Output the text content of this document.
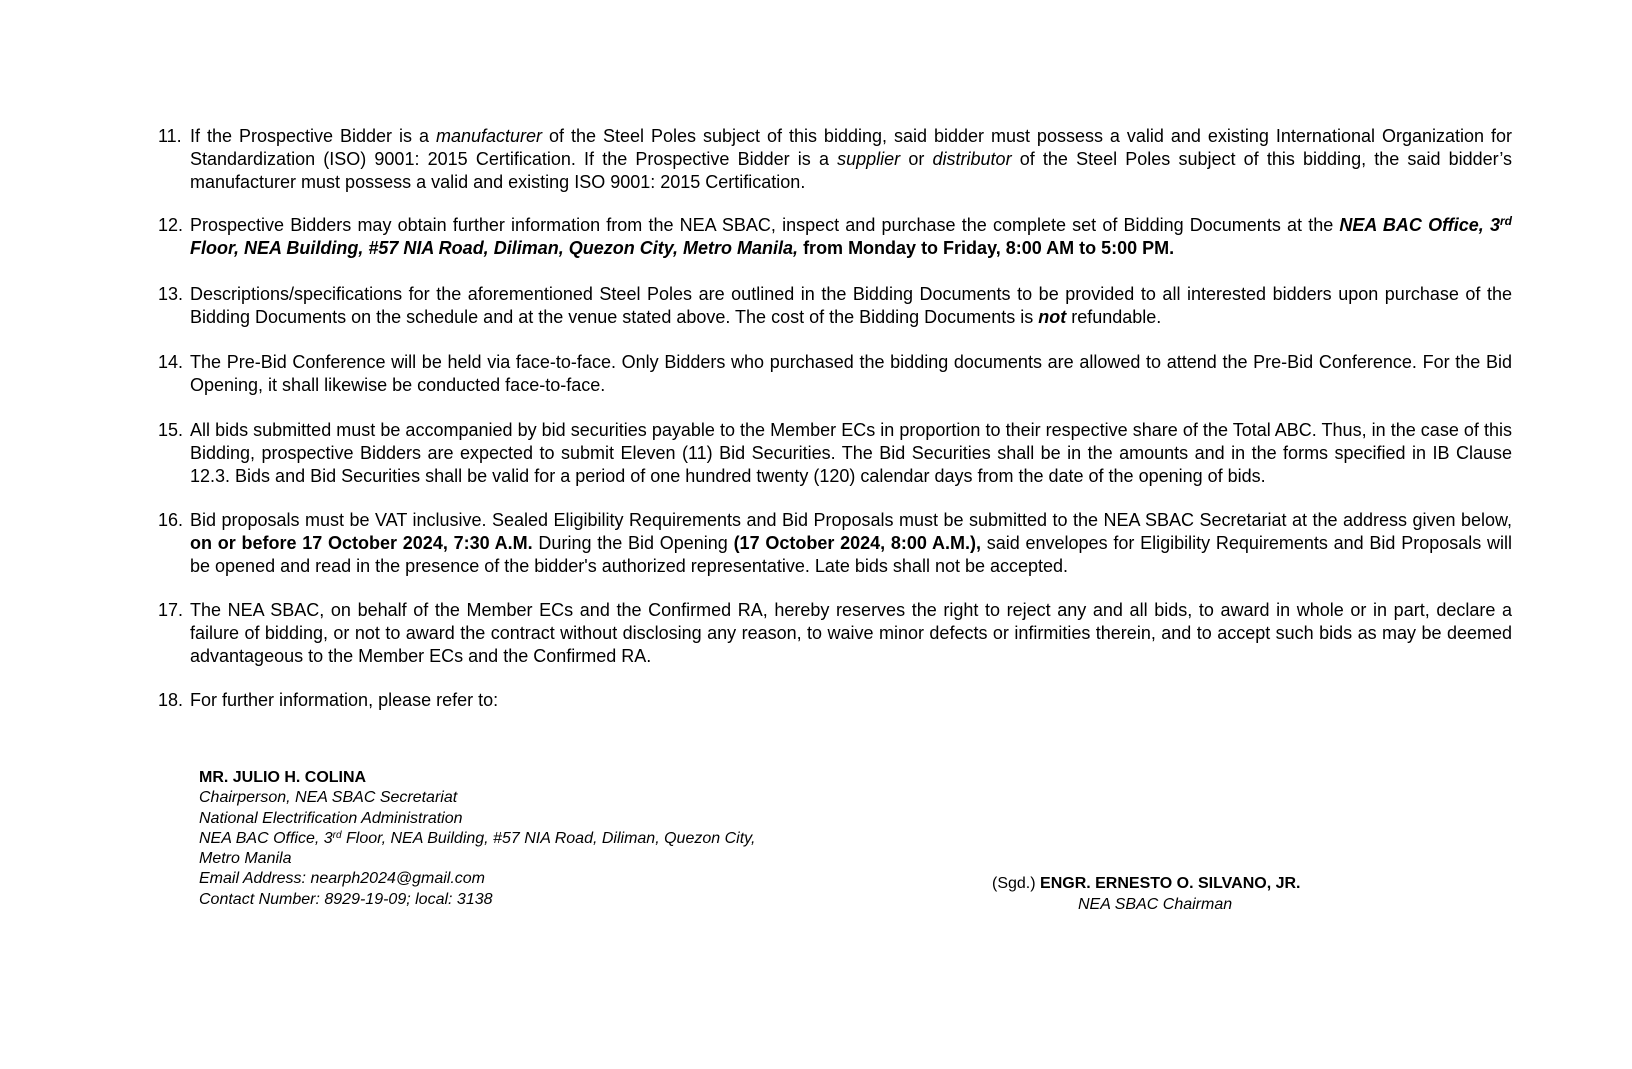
11. If the Prospective Bidder is a manufacturer of the Steel Poles subject of this bidding, said bidder must possess a valid and existing International Organization for Standardization (ISO) 9001: 2015 Certification. If the Prospective Bidder is a supplier or distributor of the Steel Poles subject of this bidding, the said bidder’s manufacturer must possess a valid and existing ISO 9001: 2015 Certification.
12. Prospective Bidders may obtain further information from the NEA SBAC, inspect and purchase the complete set of Bidding Documents at the NEA BAC Office, 3rd Floor, NEA Building, #57 NIA Road, Diliman, Quezon City, Metro Manila, from Monday to Friday, 8:00 AM to 5:00 PM.
13. Descriptions/specifications for the aforementioned Steel Poles are outlined in the Bidding Documents to be provided to all interested bidders upon purchase of the Bidding Documents on the schedule and at the venue stated above. The cost of the Bidding Documents is not refundable.
14. The Pre-Bid Conference will be held via face-to-face. Only Bidders who purchased the bidding documents are allowed to attend the Pre-Bid Conference. For the Bid Opening, it shall likewise be conducted face-to-face.
15. All bids submitted must be accompanied by bid securities payable to the Member ECs in proportion to their respective share of the Total ABC. Thus, in the case of this Bidding, prospective Bidders are expected to submit Eleven (11) Bid Securities. The Bid Securities shall be in the amounts and in the forms specified in IB Clause 12.3. Bids and Bid Securities shall be valid for a period of one hundred twenty (120) calendar days from the date of the opening of bids.
16. Bid proposals must be VAT inclusive. Sealed Eligibility Requirements and Bid Proposals must be submitted to the NEA SBAC Secretariat at the address given below, on or before 17 October 2024, 7:30 A.M. During the Bid Opening (17 October 2024, 8:00 A.M.), said envelopes for Eligibility Requirements and Bid Proposals will be opened and read in the presence of the bidder's authorized representative. Late bids shall not be accepted.
17. The NEA SBAC, on behalf of the Member ECs and the Confirmed RA, hereby reserves the right to reject any and all bids, to award in whole or in part, declare a failure of bidding, or not to award the contract without disclosing any reason, to waive minor defects or infirmities therein, and to accept such bids as may be deemed advantageous to the Member ECs and the Confirmed RA.
18. For further information, please refer to:
MR. JULIO H. COLINA
Chairperson, NEA SBAC Secretariat
National Electrification Administration
NEA BAC Office, 3rd Floor, NEA Building, #57 NIA Road, Diliman, Quezon City,
Metro Manila
Email Address: nearph2024@gmail.com
Contact Number: 8929-19-09; local: 3138
(Sgd.) ENGR. ERNESTO O. SILVANO, JR.
NEA SBAC Chairman
